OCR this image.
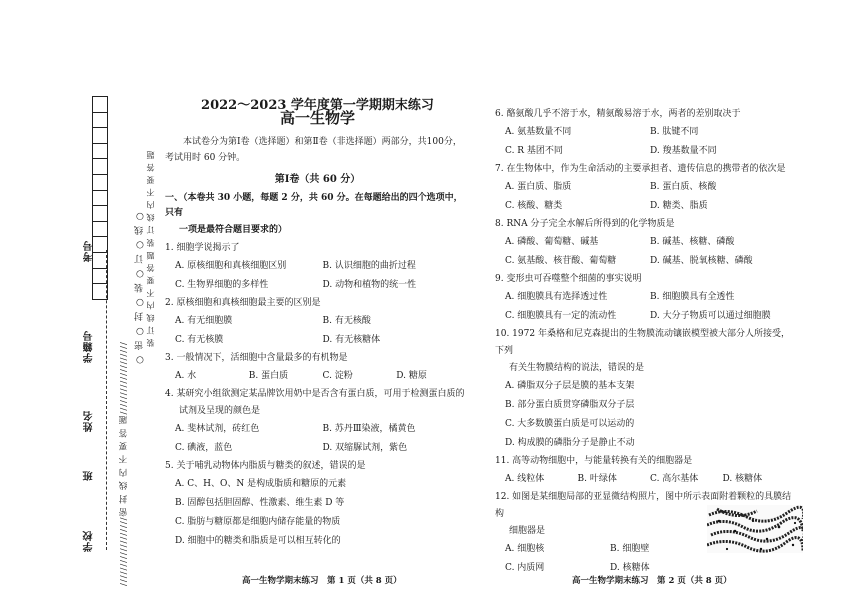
//////////////////密 封 线 内 不 要 答 题///////////////////
考号
学籍号
姓名
班
学校
○ 密 ○ 封 ○ 装 ○ 订 ○ 线 ○ 装 订 线 内 不 要 答 题 装 订 线 内 不 要 答 题
2022～2023 学年度第一学期期末练习
高一生物学
本试卷分为第Ⅰ卷（选择题）和第Ⅱ卷（非选择题）两部分，共100分，
考试用时 60 分钟。
第Ⅰ卷（共 60 分）
一、（本卷共 30 小题，每题 2 分，共 60 分。在每题给出的四个选项中，只有
一项是最符合题目要求的）
1. 细胞学说揭示了
A. 原核细胞和真核细胞区别	B. 认识细胞的曲折过程
C. 生物界细胞的多样性	D. 动物和植物的统一性
2. 原核细胞和真核细胞最主要的区别是
A. 有无细胞膜	B. 有无核酸
C. 有无核膜	D. 有无核糖体
3. 一般情况下，活细胞中含量最多的有机物是
A. 水	B. 蛋白质	C. 淀粉	D. 糖原
4. 某研究小组欲测定某品牌饮用奶中是否含有蛋白质，可用于检测蛋白质的
试剂及呈现的颜色是
A. 斐林试剂，砖红色	B. 苏丹Ⅲ染液，橘黄色
C. 碘液，蓝色	D. 双缩脲试剂，紫色
5. 关于哺乳动物体内脂质与糖类的叙述，错误的是
A. C、H、O、N 是构成脂质和糖原的元素
B. 固醇包括胆固醇、性激素、维生素 D 等
C. 脂肪与糖原都是细胞内储存能量的物质
D. 细胞中的糖类和脂质是可以相互转化的
6. 酪氨酸几乎不溶于水，精氨酸易溶于水，两者的差别取决于
A. 氨基数量不同	B. 肽键不同
C. R 基团不同	D. 羧基数量不同
7. 在生物体中，作为生命活动的主要承担者、遗传信息的携带者的依次是
A. 蛋白质、脂质	B. 蛋白质、核酸
C. 核酸、糖类	D. 糖类、脂质
8. RNA 分子完全水解后所得到的化学物质是
A. 磷酸、葡萄糖、碱基	B. 碱基、核糖、磷酸
C. 氨基酸、核苷酸、葡萄糖	D. 碱基、脱氧核糖、磷酸
9. 变形虫可吞噬整个细菌的事实说明
A. 细胞膜具有选择透过性	B. 细胞膜具有全透性
C. 细胞膜具有一定的流动性	D. 大分子物质可以通过细胞膜
10. 1972 年桑格和尼克森提出的生物膜流动镶嵌模型被大部分人所接受，下列
有关生物膜结构的说法，错误的是
A. 磷脂双分子层是膜的基本支架
B. 部分蛋白质贯穿磷脂双分子层
C. 大多数膜蛋白质是可以运动的
D. 构成膜的磷脂分子是静止不动
11. 高等动物细胞中，与能量转换有关的细胞器是
A. 线粒体	B. 叶绿体	C. 高尔基体	D. 核糖体
12. 如图是某细胞局部的亚显微结构照片，图中所示表面附着颗粒的具膜结构
细胞器是
A. 细胞核	B. 细胞壁
C. 内质网	D. 核糖体
高一生物学期末练习　第 1 页（共 8 页）	高一生物学期末练习　第 2 页（共 8 页）
